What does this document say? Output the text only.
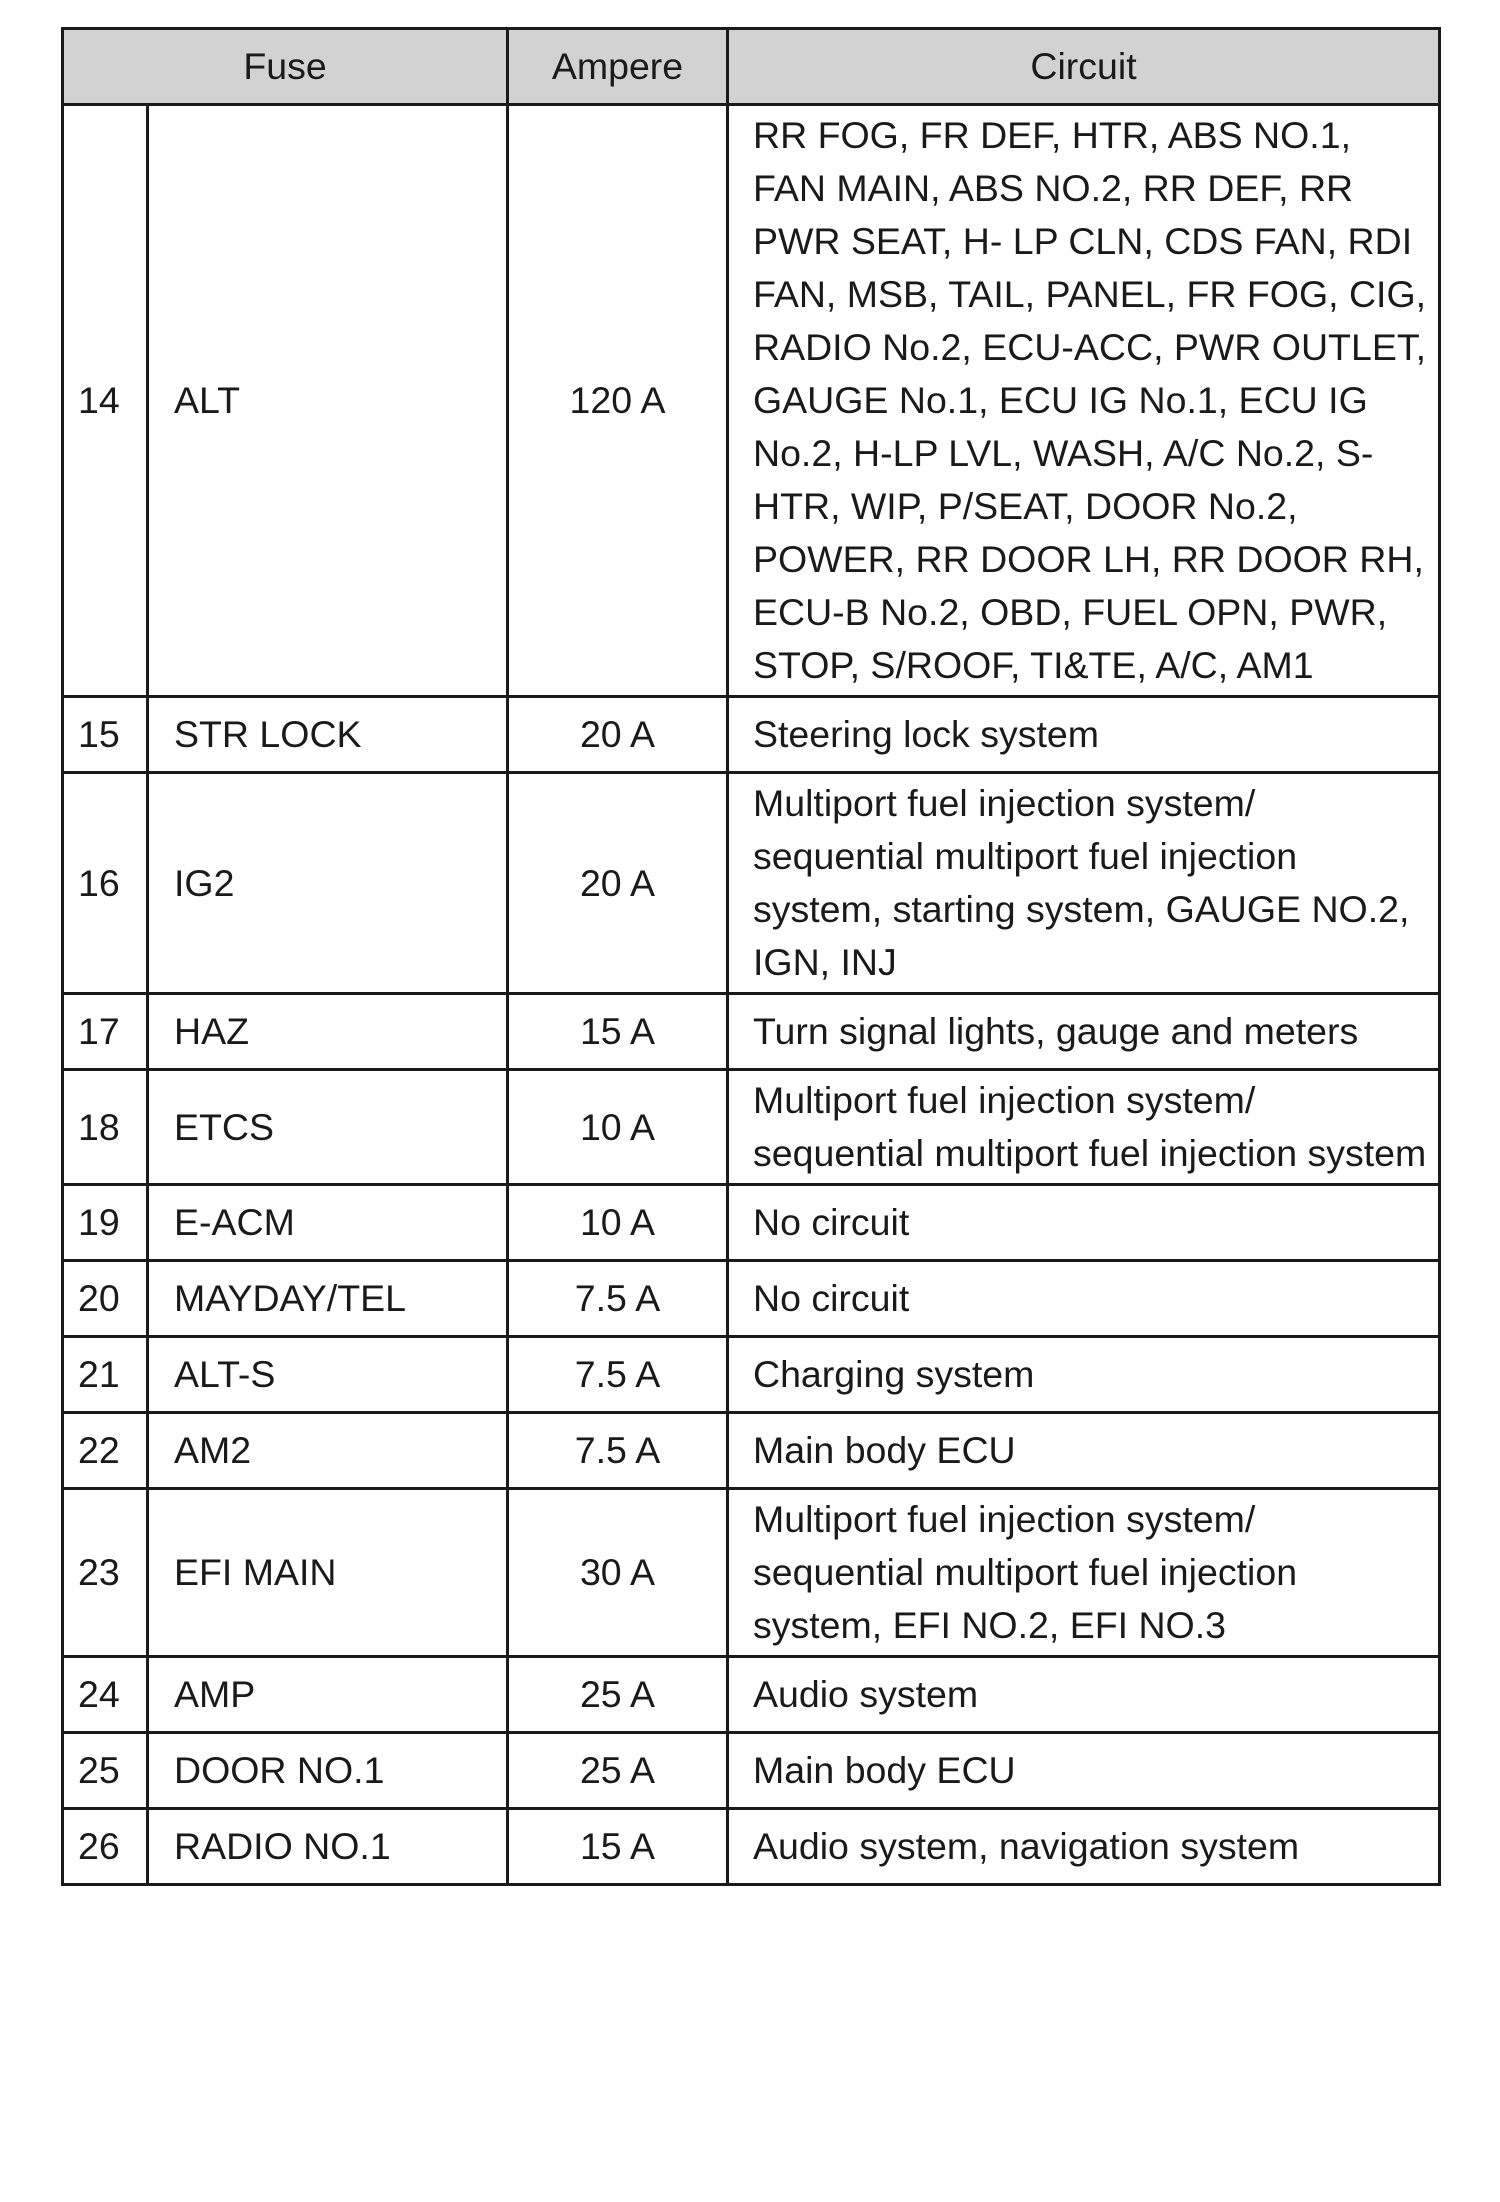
Fuse		Ampere	Circuit
14	ALT	120 A	RR FOG, FR DEF, HTR, ABS NO.1, FAN MAIN, ABS NO.2, RR DEF, RR PWR SEAT, H- LP CLN, CDS FAN, RDI FAN, MSB, TAIL, PANEL, FR FOG, CIG, RADIO No.2, ECU-ACC, PWR OUTLET, GAUGE No.1, ECU IG No.1, ECU IG No.2, H-LP LVL, WASH, A/C No.2, S-HTR, WIP, P/SEAT, DOOR No.2, POWER, RR DOOR LH, RR DOOR RH, ECU-B No.2, OBD, FUEL OPN, PWR, STOP, S/ROOF, TI&TE, A/C, AM1
15	STR LOCK	20 A	Steering lock system
16	IG2	20 A	Multiport fuel injection system/ sequential multiport fuel injection system, starting system, GAUGE NO.2, IGN, INJ
17	HAZ	15 A	Turn signal lights, gauge and meters
18	ETCS	10 A	Multiport fuel injection system/ sequential multiport fuel injection system
19	E-ACM	10 A	No circuit
20	MAYDAY/TEL	7.5 A	No circuit
21	ALT-S	7.5 A	Charging system
22	AM2	7.5 A	Main body ECU
23	EFI MAIN	30 A	Multiport fuel injection system/ sequential multiport fuel injection system, EFI NO.2, EFI NO.3
24	AMP	25 A	Audio system
25	DOOR NO.1	25 A	Main body ECU
26	RADIO NO.1	15 A	Audio system, navigation system
